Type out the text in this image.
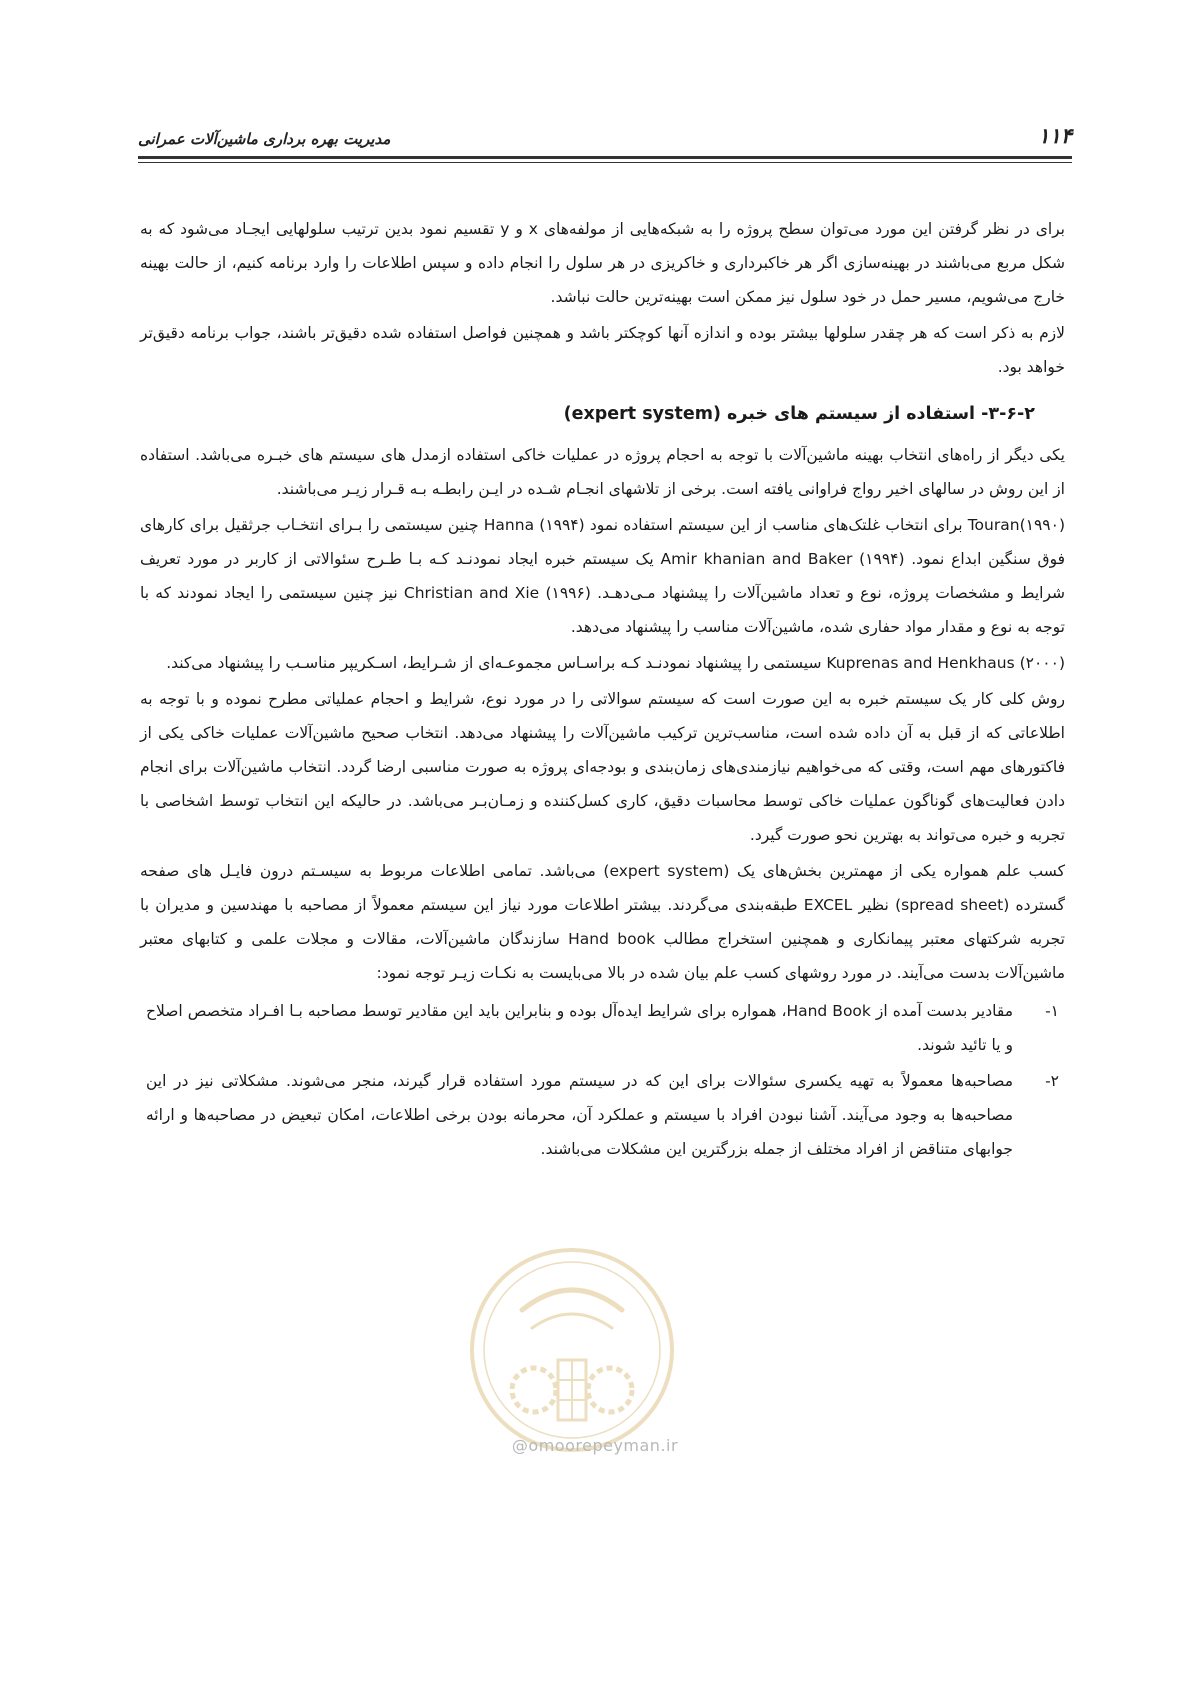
۱۱۴
مدیریت بهره برداری ماشین‌آلات عمرانی

برای در نظر گرفتن این مورد می‌توان سطح پروژه را به شبکه‌هایی از مولفه‌های x و y تقسیم نمود بدین ترتیب سلولهایی ایجـاد می‌شود که به شکل مربع می‌باشند در بهینه‌سازی اگر هر خاکبرداری و خاکریزی در هر سلول را انجام داده و سپس اطلاعات را وارد برنامه کنیم، از حالت بهینه خارج می‌شویم، مسیر حمل در خود سلول نیز ممکن است بهینه‌ترین حالت نباشد.

لازم به ذکر است که هر چقدر سلولها بیشتر بوده و اندازه آنها کوچکتر باشد و همچنین فواصل استفاده شده دقیق‌تر باشند، جواب برنامه دقیق‌تر خواهد بود.

۳-۶-۲- استفاده از سیستم های خبره (expert system)

یکی دیگر از راه‌های انتخاب بهینه ماشین‌آلات با توجه به احجام پروژه در عملیات خاکی استفاده ازمدل های سیستم های خبـره می‌باشد. استفاده از این روش در سالهای اخیر رواج فراوانی یافته است. برخی از تلاشهای انجـام شـده در ایـن رابطـه بـه قـرار زیـر می‌باشند.

(۱۹۹۰)Touran برای انتخاب غلتک‌های مناسب از این سیستم استفاده نمود (۱۹۹۴) Hanna چنین سیستمی را بـرای انتخـاب جرثقیل برای کارهای فوق سنگین ابداع نمود. (۱۹۹۴) Amir khanian and Baker یک سیستم خبره ایجاد نمودنـد کـه بـا طـرح سئوالاتی از کاربر در مورد تعریف شرایط و مشخصات پروژه، نوع و تعداد ماشین‌آلات را پیشنهاد مـی‌دهـد. (۱۹۹۶) Christian and Xie نیز چنین سیستمی را ایجاد نمودند که با توجه به نوع و مقدار مواد حفاری شده، ماشین‌آلات مناسب را پیشنهاد می‌دهد.

(۲۰۰۰) Kuprenas and Henkhaus سیستمی را پیشنهاد نمودنـد کـه براسـاس مجموعـه‌ای از شـرایط، اسـکریپر مناسـب را پیشنهاد می‌کند.

روش کلی کار یک سیستم خبره به این صورت است که سیستم سوالاتی را در مورد نوع، شرایط و احجام عملیاتی مطرح نموده و با توجه به اطلاعاتی که از قبل به آن داده شده است، مناسب‌ترین ترکیب ماشین‌آلات را پیشنهاد می‌دهد. انتخاب صحیح ماشین‌آلات عملیات خاکی یکی از فاکتورهای مهم است، وقتی که می‌خواهیم نیازمندی‌های زمان‌بندی و بودجه‌ای پروژه به صورت مناسبی ارضا گردد. انتخاب ماشین‌آلات برای انجام دادن فعالیت‌های گوناگون عملیات خاکی توسط محاسبات دقیق، کاری کسل‌کننده و زمـان‌بـر می‌باشد. در حالیکه این انتخاب توسط اشخاصی با تجربه و خبره می‌تواند به بهترین نحو صورت گیرد.

کسب علم همواره یکی از مهمترین بخش‌های یک (expert system) می‌باشد. تمامی اطلاعات مربوط به سیسـتم درون فایـل های صفحه گسترده (spread sheet) نظیر EXCEL طبقه‌بندی می‌گردند. بیشتر اطلاعات مورد نیاز این سیستم معمولاً از مصاحبه با مهندسین و مدیران با تجربه شرکتهای معتبر پیمانکاری و همچنین استخراج مطالب Hand book سازندگان ماشین‌آلات، مقالات و مجلات علمی و کتابهای معتبر ماشین‌آلات بدست می‌آیند. در مورد روشهای کسب علم بیان شده در بالا می‌بایست به نکـات زیـر توجه نمود:

۱-
مقادیر بدست آمده از Hand Book، همواره برای شرایط ایده‌آل بوده و بنابراین باید این مقادیر توسط مصاحبه بـا افـراد متخصص اصلاح و یا تائید شوند.
۲-
مصاحبه‌ها معمولاً به تهیه یکسری سئوالات برای این که در سیستم مورد استفاده قرار گیرند، منجر می‌شوند. مشکلاتی نیز در این مصاحبه‌ها به وجود می‌آیند. آشنا نبودن افراد با سیستم و عملکرد آن، محرمانه بودن برخی اطلاعات، امکان تبعیض در مصاحبه‌ها و ارائه جوابهای متناقض از افراد مختلف از جمله بزرگترین این مشکلات می‌باشند.
@omoorepeyman.ir
